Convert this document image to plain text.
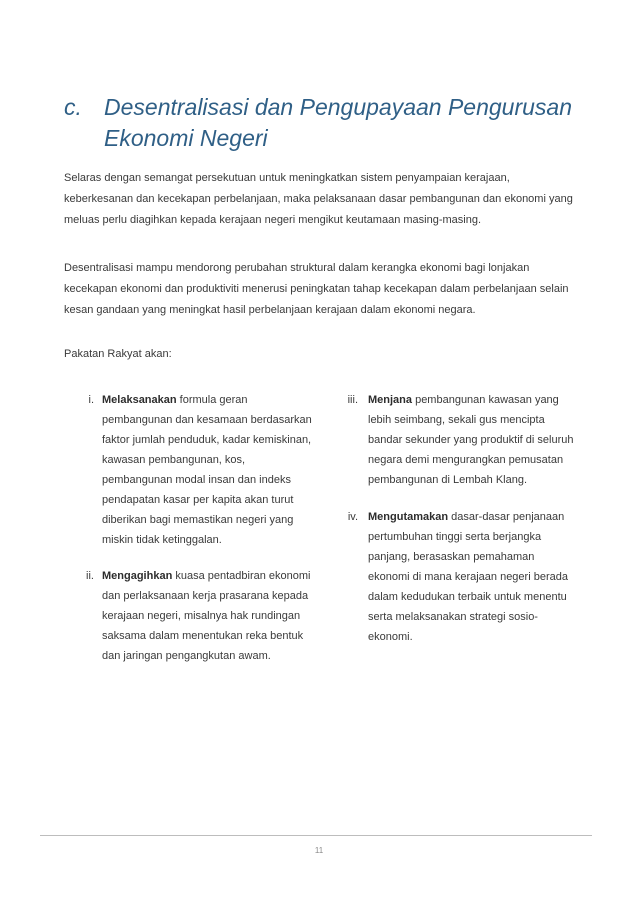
c. Desentralisasi dan Pengupayaan Pengurusan Ekonomi Negeri

Selaras dengan semangat persekutuan untuk meningkatkan sistem penyampaian kerajaan, keberkesanan dan kecekapan perbelanjaan, maka pelaksanaan dasar pembangunan dan ekonomi yang meluas perlu diagihkan kepada kerajaan negeri mengikut keutamaan masing-masing.

Desentralisasi mampu mendorong perubahan struktural dalam kerangka ekonomi bagi lonjakan kecekapan ekonomi dan produktiviti menerusi peningkatan tahap kecekapan dalam perbelanjaan selain kesan gandaan yang meningkat hasil perbelanjaan kerajaan dalam ekonomi negara.

Pakatan Rakyat akan:

i. Melaksanakan formula geran pembangunan dan kesamaan berdasarkan faktor jumlah penduduk, kadar kemiskinan, kawasan pembangunan, kos, pembangunan modal insan dan indeks pendapatan kasar per kapita akan turut diberikan bagi memastikan negeri yang miskin tidak ketinggalan.
ii. Mengagihkan kuasa pentadbiran ekonomi dan perlaksanaan kerja prasarana kepada kerajaan negeri, misalnya hak rundingan saksama dalam menentukan reka bentuk dan jaringan pengangkutan awam.
iii. Menjana pembangunan kawasan yang lebih seimbang, sekali gus mencipta bandar sekunder yang produktif di seluruh negara demi mengurangkan pemusatan pembangunan di Lembah Klang.
iv. Mengutamakan dasar-dasar penjanaan pertumbuhan tinggi serta berjangka panjang, berasaskan pemahaman ekonomi di mana kerajaan negeri berada dalam kedudukan terbaik untuk menentu serta melaksanakan strategi sosio-ekonomi.
11
